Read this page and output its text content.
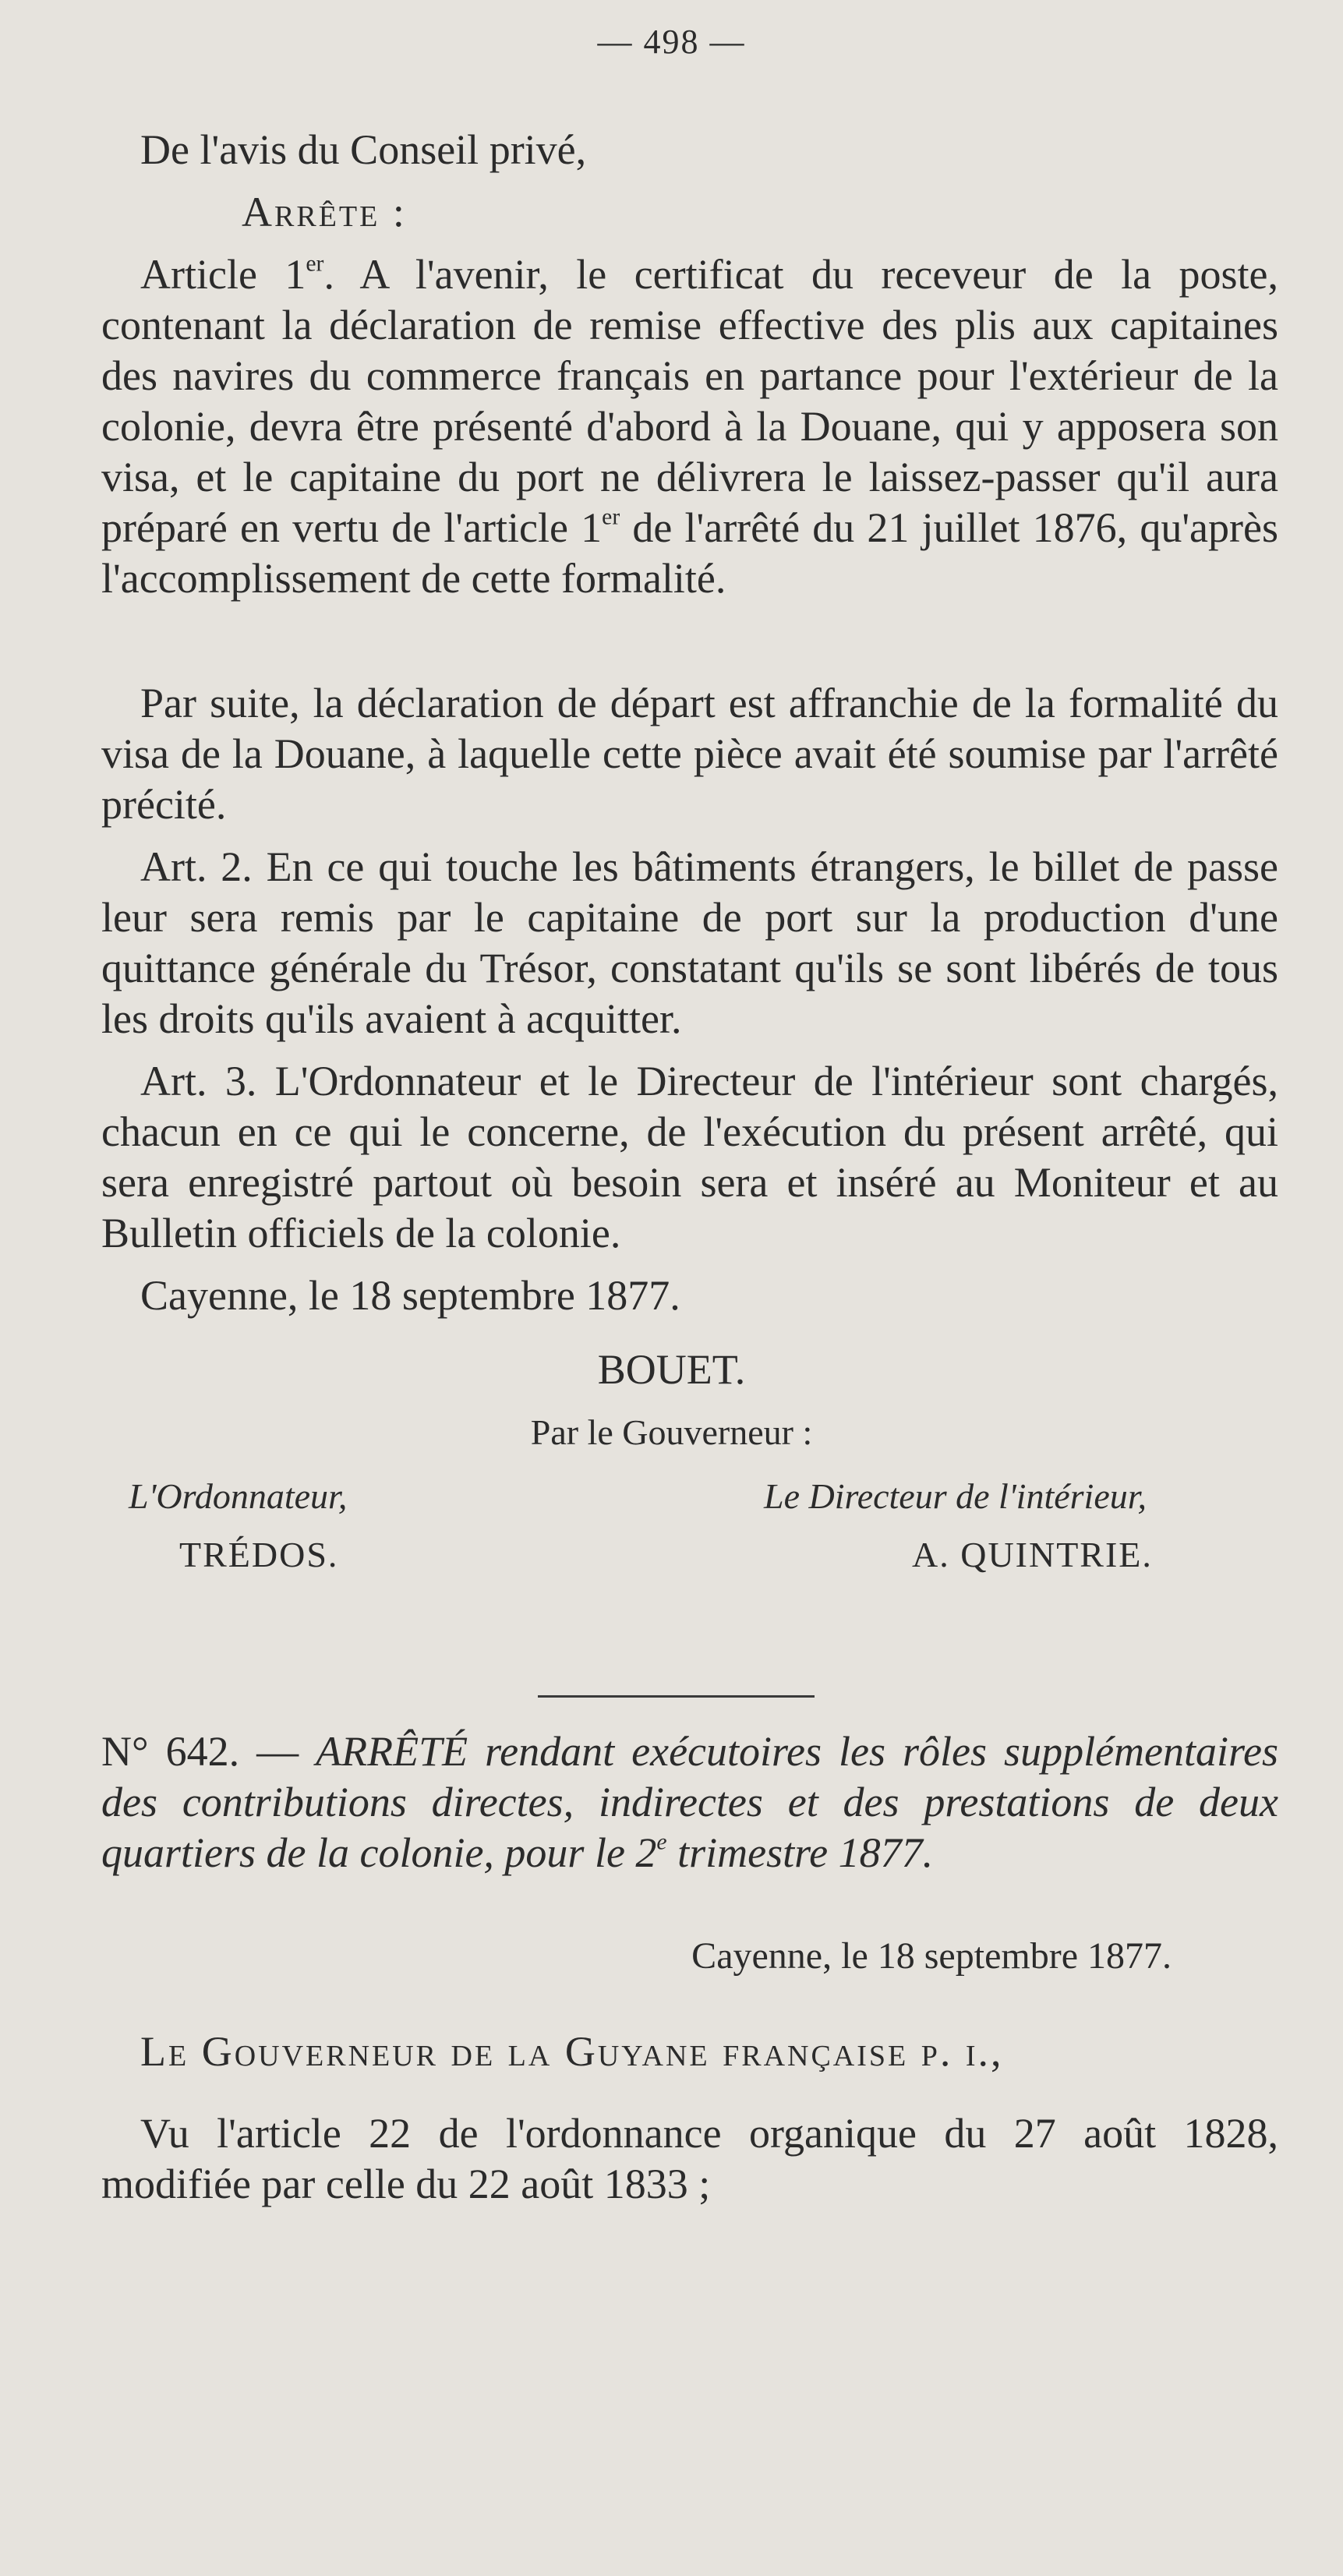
— 498 —
De l'avis du Conseil privé,
Arrête :
Article 1er. A l'avenir, le certificat du receveur de la poste, contenant la déclaration de remise effective des plis aux capitaines des navires du commerce français en partance pour l'extérieur de la colonie, devra être présenté d'abord à la Douane, qui y apposera son visa, et le capitaine du port ne délivrera le laissez-passer qu'il aura préparé en vertu de l'article 1er de l'arrêté du 21 juillet 1876, qu'après l'accomplissement de cette formalité.
Par suite, la déclaration de départ est affranchie de la formalité du visa de la Douane, à laquelle cette pièce avait été soumise par l'arrêté précité.
Art. 2. En ce qui touche les bâtiments étrangers, le billet de passe leur sera remis par le capitaine de port sur la production d'une quittance générale du Trésor, constatant qu'ils se sont libérés de tous les droits qu'ils avaient à acquitter.
Art. 3. L'Ordonnateur et le Directeur de l'intérieur sont chargés, chacun en ce qui le concerne, de l'exécution du présent arrêté, qui sera enregistré partout où besoin sera et inséré au Moniteur et au Bulletin officiels de la colonie.
Cayenne, le 18 septembre 1877.
BOUET.
Par le Gouverneur :
L'Ordonnateur,	Le Directeur de l'intérieur,
TRÉDOS.	A. QUINTRIE.
N° 642. — ARRÊTÉ rendant exécutoires les rôles supplémentaires des contributions directes, indirectes et des prestations de deux quartiers de la colonie, pour le 2e trimestre 1877.
Cayenne, le 18 septembre 1877.
Le Gouverneur de la Guyane française p. i.,
Vu l'article 22 de l'ordonnance organique du 27 août 1828, modifiée par celle du 22 août 1833 ;
